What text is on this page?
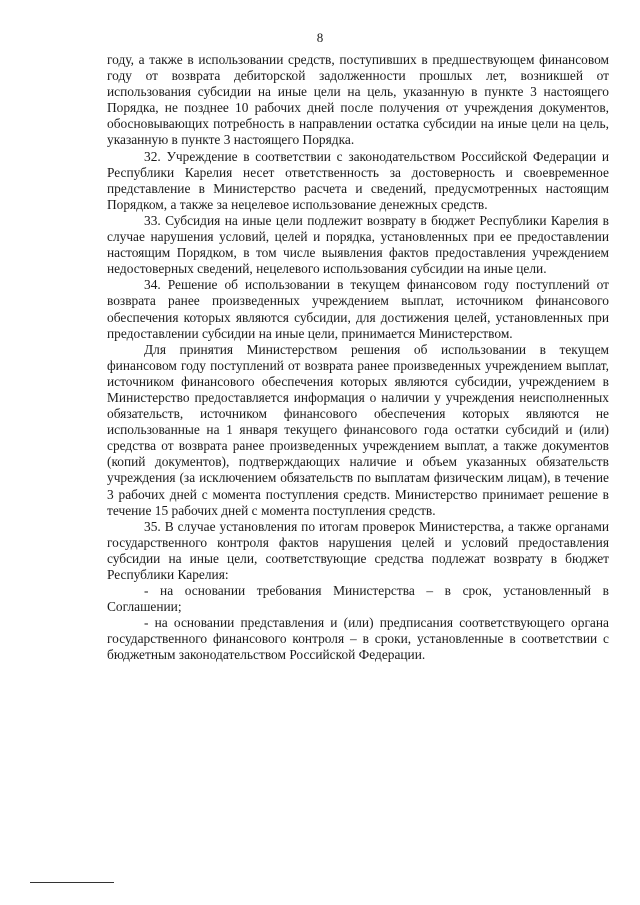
8

году, а также в использовании средств, поступивших в предшествующем финансовом году от возврата дебиторской задолженности прошлых лет, возникшей от использования субсидии на иные цели на цель, указанную в пункте 3 настоящего Порядка, не позднее 10 рабочих дней после получения от учреждения документов, обосновывающих потребность в направлении остатка субсидии на иные цели на цель, указанную в пункте 3 настоящего Порядка.

32. Учреждение в соответствии с законодательством Российской Федерации и Республики Карелия несет ответственность за достоверность и своевременное представление в Министерство расчета и сведений, предусмотренных настоящим Порядком, а также за нецелевое использование денежных средств.

33. Субсидия на иные цели подлежит возврату в бюджет Республики Карелия в случае нарушения условий, целей и порядка, установленных при ее предоставлении настоящим Порядком, в том числе выявления фактов предоставления учреждением недостоверных сведений, нецелевого использования субсидии на иные цели.

34. Решение об использовании в текущем финансовом году поступлений от возврата ранее произведенных учреждением выплат, источником финансового обеспечения которых являются субсидии, для достижения целей, установленных при предоставлении субсидии на иные цели, принимается Министерством.

Для принятия Министерством решения об использовании в текущем финансовом году поступлений от возврата ранее произведенных учреждением выплат, источником финансового обеспечения которых являются субсидии, учреждением в Министерство предоставляется информация о наличии у учреждения неисполненных обязательств, источником финансового обеспечения которых являются не использованные на 1 января текущего финансового года остатки субсидий и (или) средства от возврата ранее произведенных учреждением выплат, а также документов (копий документов), подтверждающих наличие и объем указанных обязательств учреждения (за исключением обязательств по выплатам физическим лицам), в течение 3 рабочих дней с момента поступления средств. Министерство принимает решение в течение 15 рабочих дней с момента поступления средств.

35. В случае установления по итогам проверок Министерства, а также органами государственного контроля фактов нарушения целей и условий предоставления субсидии на иные цели, соответствующие средства подлежат возврату в бюджет Республики Карелия:

- на основании требования Министерства – в срок, установленный в Соглашении;

- на основании представления и (или) предписания соответствующего органа государственного финансового контроля – в сроки, установленные в соответствии с бюджетным законодательством Российской Федерации.
